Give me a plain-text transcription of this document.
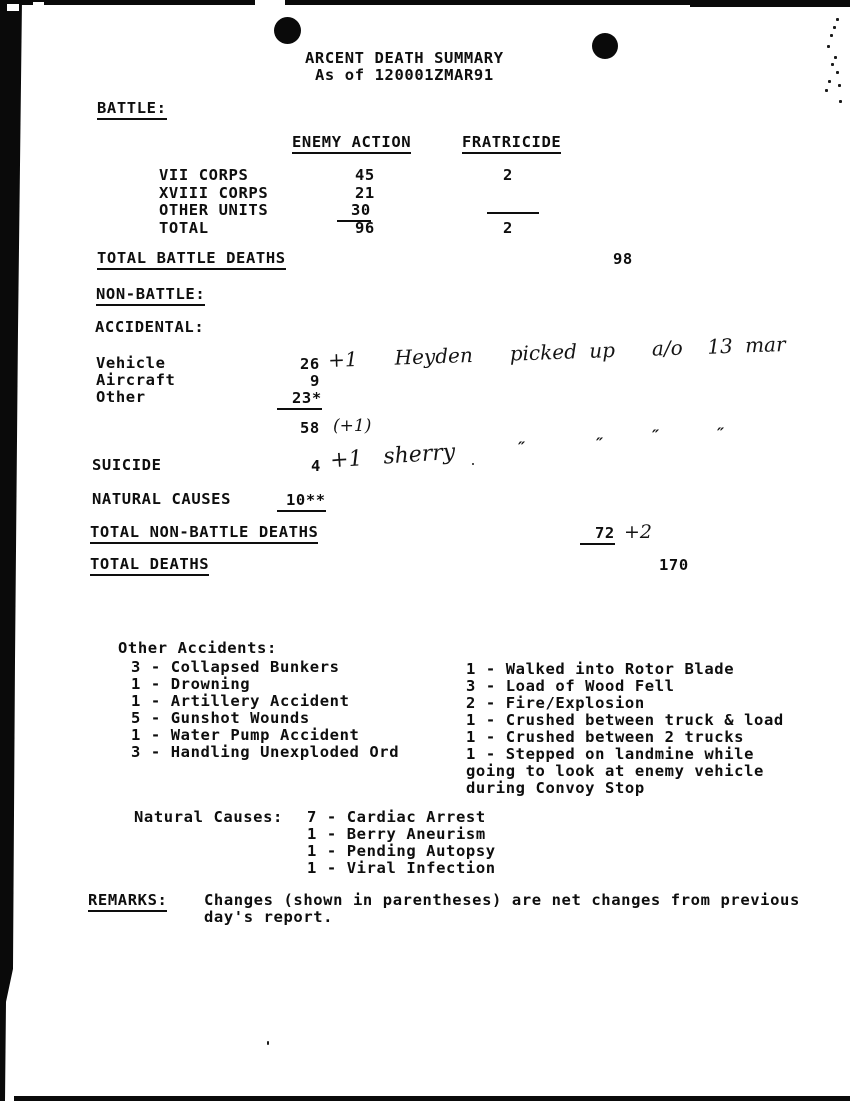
ARCENT DEATH SUMMARY
As of 120001ZMAR91
BATTLE:
ENEMY ACTION	FRATRICIDE
VII CORPS	45	2
XVIII CORPS	21
OTHER UNITS	30
TOTAL	96	2
TOTAL BATTLE DEATHS	98
NON-BATTLE:
ACCIDENTAL:
Vehicle	26 +1   Heyden   picked up   a/o  13 mar
Aircraft	9
Other	23*
58 (+1)
″	″	″	″
SUICIDE	4 +1   sherry
NATURAL CAUSES	10**
TOTAL NON-BATTLE DEATHS	72 +2
TOTAL DEATHS	170
Other Accidents:
3 - Collapsed Bunkers
1 - Drowning
1 - Artillery Accident
5 - Gunshot Wounds
1 - Water Pump Accident
3 - Handling Unexploded Ord
1 - Walked into Rotor Blade
3 - Load of Wood Fell
2 - Fire/Explosion
1 - Crushed between truck & load
1 - Crushed between 2 trucks
1 - Stepped on landmine while
going to look at enemy vehicle
during Convoy Stop
Natural Causes: 7 - Cardiac Arrest
1 - Berry Aneurism
1 - Pending Autopsy
1 - Viral Infection
REMARKS: Changes (shown in parentheses) are net changes from previous
day's report.
